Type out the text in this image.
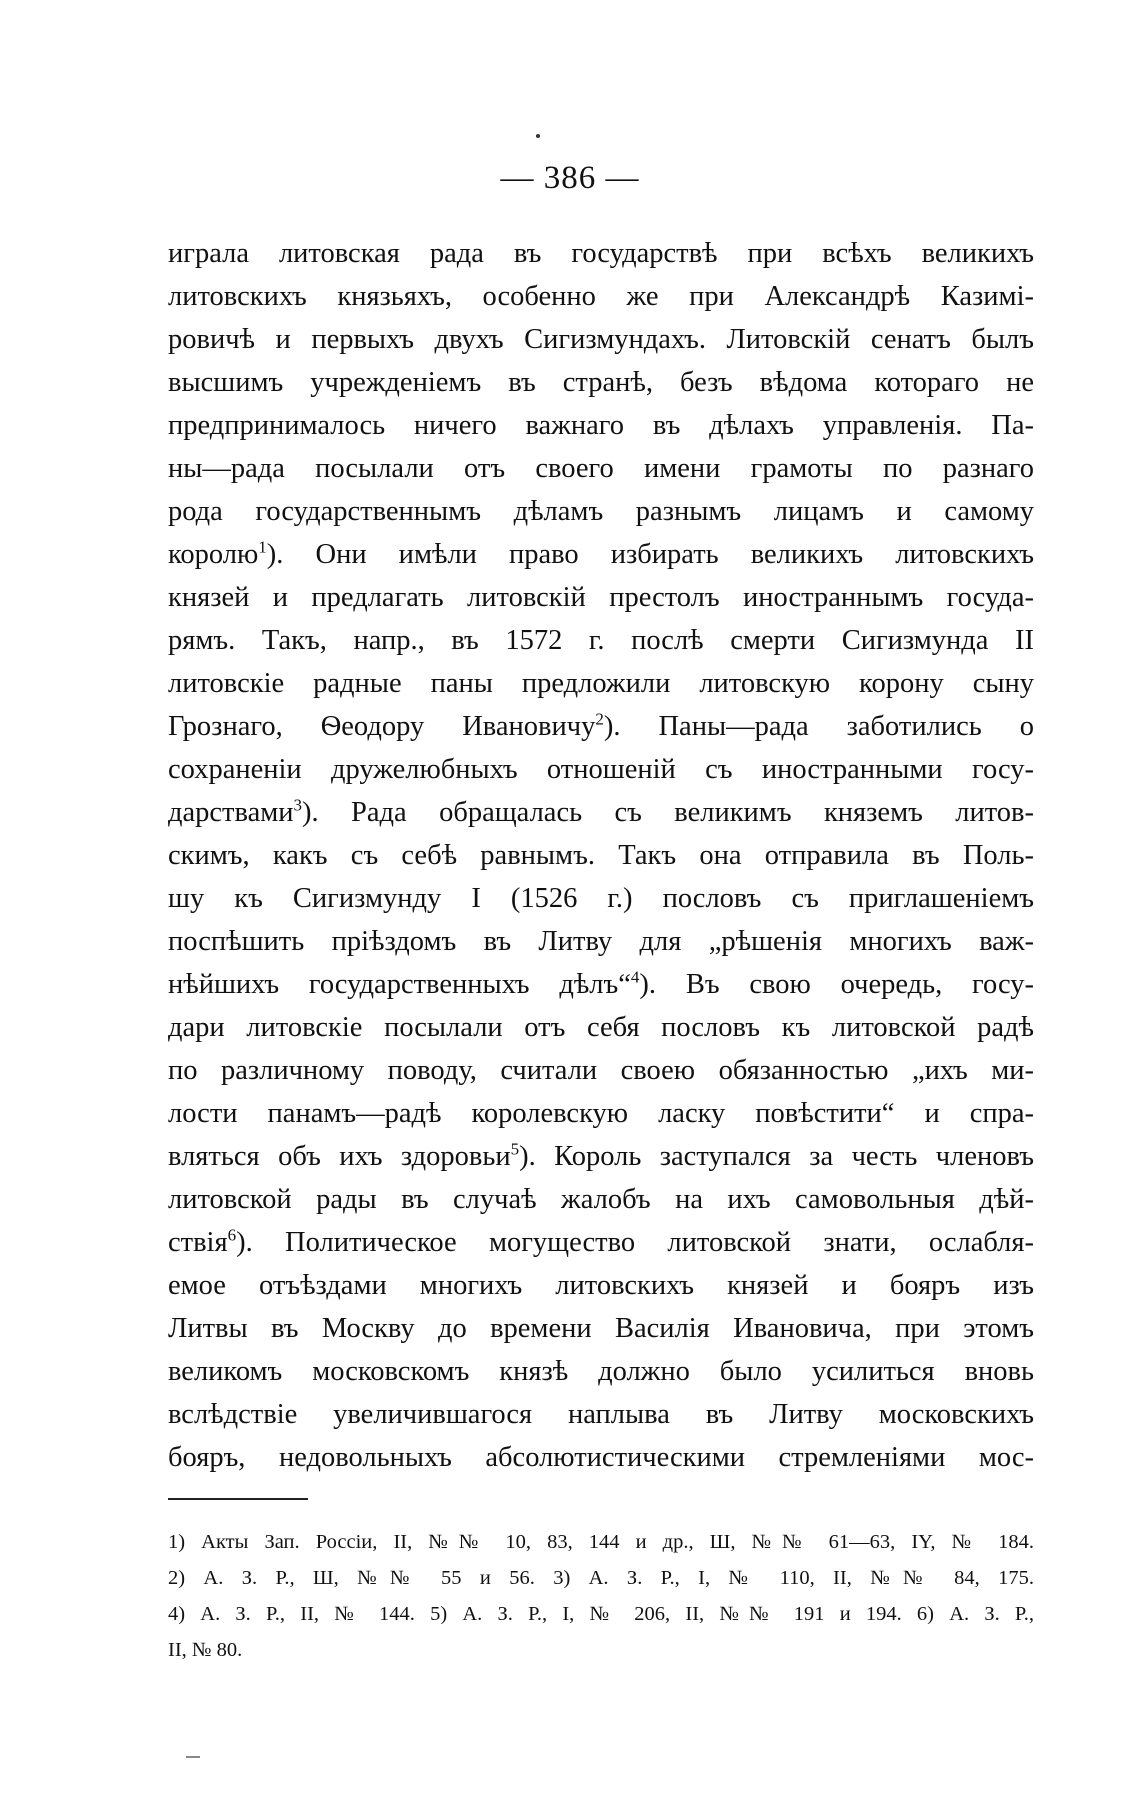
— 386 —
играла литовская рада въ государствѣ при всѣхъ великихъ
литовскихъ князьяхъ, особенно же при Александрѣ Казимі-
ровичѣ и первыхъ двухъ Сигизмундахъ. Литовскій сенатъ былъ
высшимъ учрежденіемъ въ странѣ, безъ вѣдома котораго не
предпринималось ничего важнаго въ дѣлахъ управленія. Па-
ны—рада посылали отъ своего имени грамоты по разнаго
рода государственнымъ дѣламъ разнымъ лицамъ и самому
королю$^1$). Они имѣли право избирать великихъ литовскихъ
князей и предлагать литовскій престолъ иностраннымъ госуда-
рямъ. Такъ, напр., въ 1572 г. послѣ смерти Сигизмунда II
литовскіе радные паны предложили литовскую корону сыну
Грознаго, Ѳеодору Ивановичу$^2$). Паны—рада заботились о
сохраненіи дружелюбныхъ отношеній съ иностранными госу-
дарствами$^3$). Рада обращалась съ великимъ княземъ литов-
скимъ, какъ съ себѣ равнымъ. Такъ она отправила въ Поль-
шу къ Сигизмунду I (1526 г.) пословъ съ приглашеніемъ
поспѣшить пріѣздомъ въ Литву для „рѣшенія многихъ важ-
нѣйшихъ государственныхъ дѣлъ“$^4$). Въ свою очередь, госу-
дари литовскіе посылали отъ себя пословъ къ литовской радѣ
по различному поводу, считали своею обязанностью „ихъ ми-
лости панамъ—радѣ королевскую ласку повѣстити“ и спра-
вляться объ ихъ здоровьи$^5$). Король заступался за честь членовъ
литовской рады въ случаѣ жалобъ на ихъ самовольныя дѣй-
ствія$^6$). Политическое могущество литовской знати, ослабля-
емое отъѣздами многихъ литовскихъ князей и бояръ изъ
Литвы въ Москву до времени Василія Ивановича, при этомъ
великомъ московскомъ князѣ должно было усилиться вновь
вслѣдствіе увеличившагося наплыва въ Литву московскихъ
бояръ, недовольныхъ абсолютистическими стремленіями мос-
1) Акты Зап. Россіи, II, №№ 10, 83, 144 и др., Ш, №№ 61—63, IY, № 184.
2) А. З. Р., Ш, №№ 55 и 56. 3) А. З. Р., I, № 110, II, №№ 84, 175.
4) А. З. Р., II, № 144. 5) А. З. Р., I, № 206, II, №№ 191 и 194. 6) А. З. Р.,
II, № 80.
